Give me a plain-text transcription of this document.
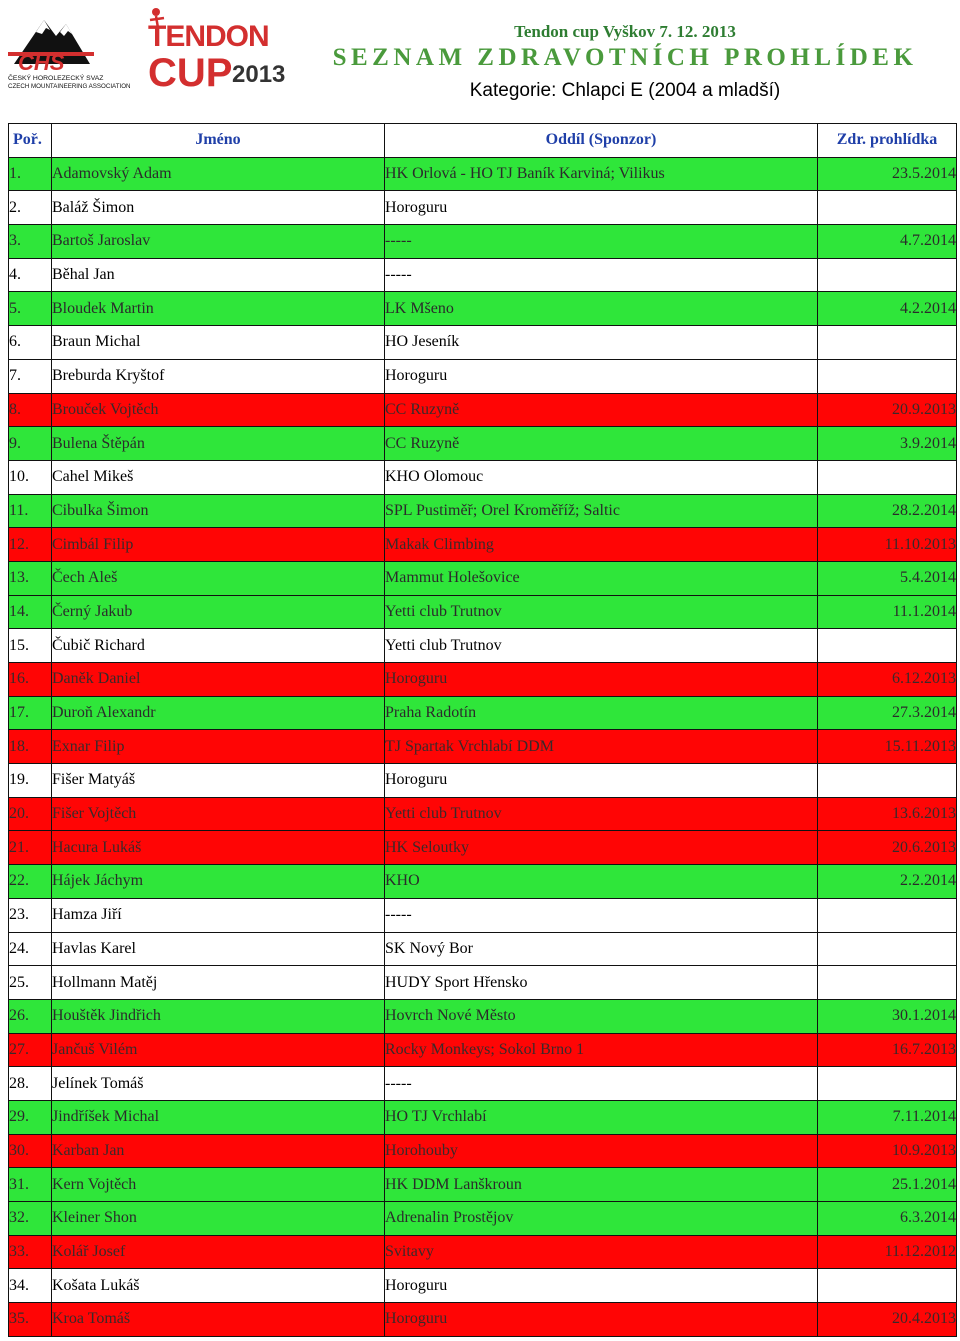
CHS
ČESKÝ HOROLEZECKÝ SVAZ
CZECH MOUNTAINEERING ASSOCIATION
TENDON
CUP 2013
Tendon cup Vyškov 7. 12. 2013
SEZNAM ZDRAVOTNÍCH PROHLÍDEK
Kategorie: Chlapci E (2004 a mladší)
Poř.	Jméno	Oddíl (Sponzor)	Zdr. prohlídka
1.	Adamovský Adam	HK Orlová - HO TJ Baník Karviná; Vilikus	23.5.2014
2.	Baláž Šimon	Horoguru	
3.	Bartoš Jaroslav	-----	4.7.2014
4.	Běhal Jan	-----	
5.	Bloudek Martin	LK Mšeno	4.2.2014
6.	Braun Michal	HO Jeseník	
7.	Breburda Kryštof	Horoguru	
8.	Brouček Vojtěch	CC Ruzyně	20.9.2013
9.	Bulena Štěpán	CC Ruzyně	3.9.2014
10.	Cahel Mikeš	KHO Olomouc	
11.	Cibulka Šimon	SPL Pustiměř; Orel Kroměříž; Saltic	28.2.2014
12.	Cimbál Filip	Makak Climbing	11.10.2013
13.	Čech Aleš	Mammut Holešovice	5.4.2014
14.	Černý Jakub	Yetti club Trutnov	11.1.2014
15.	Čubič Richard	Yetti club Trutnov	
16.	Daněk Daniel	Horoguru	6.12.2013
17.	Duroň Alexandr	Praha Radotín	27.3.2014
18.	Exnar Filip	TJ Spartak Vrchlabí DDM	15.11.2013
19.	Fišer Matyáš	Horoguru	
20.	Fišer Vojtěch	Yetti club Trutnov	13.6.2013
21.	Hacura Lukáš	HK Seloutky	20.6.2013
22.	Hájek Jáchym	KHO	2.2.2014
23.	Hamza Jiří	-----	
24.	Havlas Karel	SK Nový Bor	
25.	Hollmann Matěj	HUDY Sport Hřensko	
26.	Houštěk Jindřich	Hovrch Nové Město	30.1.2014
27.	Jančuš Vilém	Rocky Monkeys; Sokol Brno 1	16.7.2013
28.	Jelínek Tomáš	-----	
29.	Jindříšek Michal	HO TJ Vrchlabí	7.11.2014
30.	Karban Jan	Horohouby	10.9.2013
31.	Kern Vojtěch	HK DDM Lanškroun	25.1.2014
32.	Kleiner Shon	Adrenalin Prostějov	6.3.2014
33.	Kolář Josef	Svitavy	11.12.2012
34.	Košata Lukáš	Horoguru	
35.	Kroa Tomáš	Horoguru	20.4.2013
